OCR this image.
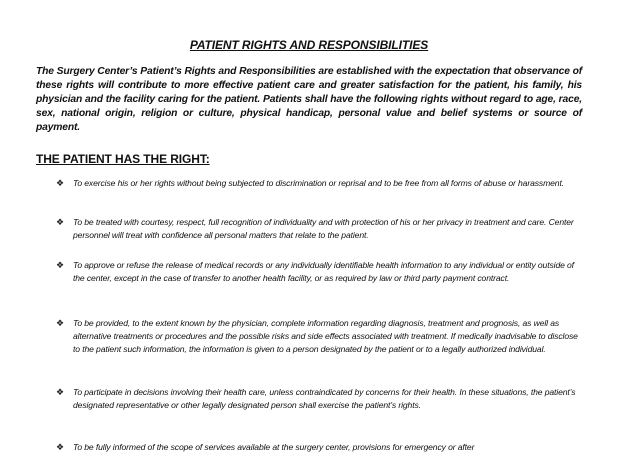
PATIENT RIGHTS AND RESPONSIBILITIES
The Surgery Center’s Patient’s Rights and Responsibilities are established with the expectation that observance of these rights will contribute to more effective patient care and greater satisfaction for the patient, his family, his physician and the facility caring for the patient. Patients shall have the following rights without regard to age, race, sex, national origin, religion or culture, physical handicap, personal value and belief systems or source of payment.
THE PATIENT HAS THE RIGHT:
❖ To exercise his or her rights without being subjected to discrimination or reprisal and to be free from all forms of abuse or harassment.
❖ To be treated with courtesy, respect, full recognition of individuality and with protection of his or her privacy in treatment and care. Center personnel will treat with confidence all personal matters that relate to the patient.
❖ To approve or refuse the release of medical records or any individually identifiable health information to any individual or entity outside of the center, except in the case of transfer to another health facility, or as required by law or third party payment contract.
❖ To be provided, to the extent known by the physician, complete information regarding diagnosis, treatment and prognosis, as well as alternative treatments or procedures and the possible risks and side effects associated with treatment. If medically inadvisable to disclose to the patient such information, the information is given to a person designated by the patient or to a legally authorized individual.
❖ To participate in decisions involving their health care, unless contraindicated by concerns for their health. In these situations, the patient’s designated representative or other legally designated person shall exercise the patient’s rights.
❖ To be fully informed of the scope of services available at the surgery center, provisions for emergency or after
